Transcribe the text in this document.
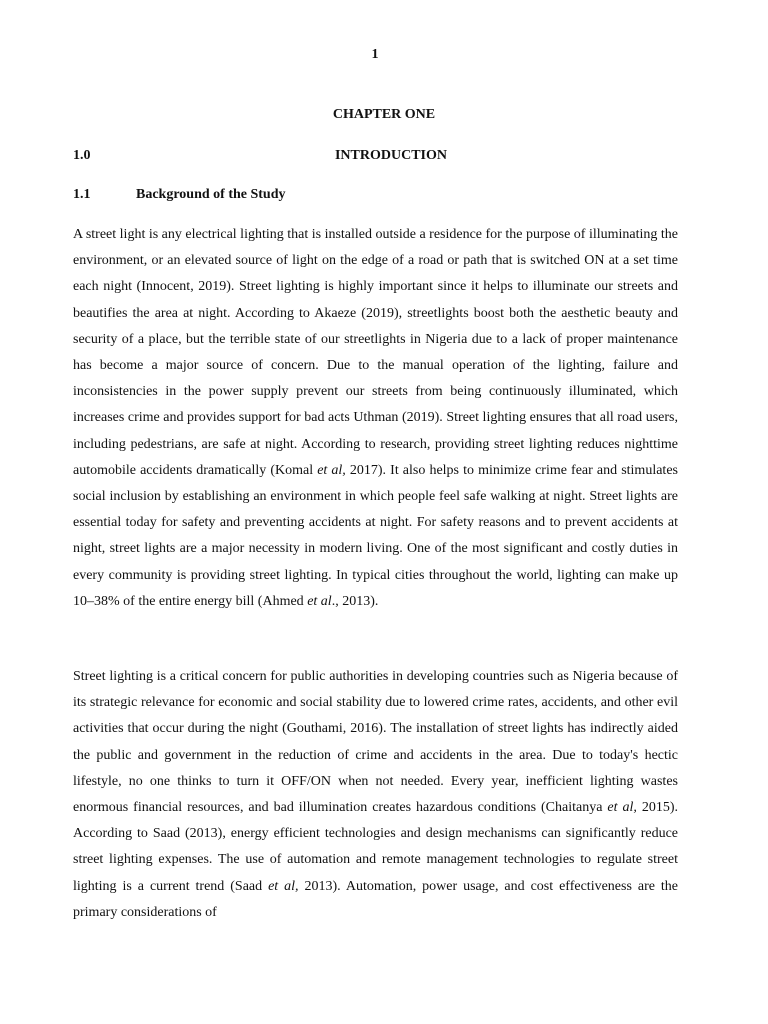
1
CHAPTER ONE
1.0	INTRODUCTION
1.1	Background of the Study

A street light is any electrical lighting that is installed outside a residence for the purpose of illuminating the environment, or an elevated source of light on the edge of a road or path that is switched ON at a set time each night (Innocent, 2019). Street lighting is highly important since it helps to illuminate our streets and beautifies the area at night. According to Akaeze (2019), streetlights boost both the aesthetic beauty and security of a place, but the terrible state of our streetlights in Nigeria due to a lack of proper maintenance has become a major source of concern. Due to the manual operation of the lighting, failure and inconsistencies in the power supply prevent our streets from being continuously illuminated, which increases crime and provides support for bad acts Uthman (2019). Street lighting ensures that all road users, including pedestrians, are safe at night. According to research, providing street lighting reduces nighttime automobile accidents dramatically (Komal et al, 2017). It also helps to minimize crime fear and stimulates social inclusion by establishing an environment in which people feel safe walking at night. Street lights are essential today for safety and preventing accidents at night. For safety reasons and to prevent accidents at night, street lights are a major necessity in modern living. One of the most significant and costly duties in every community is providing street lighting. In typical cities throughout the world, lighting can make up 10–38% of the entire energy bill (Ahmed et al., 2013).

Street lighting is a critical concern for public authorities in developing countries such as Nigeria because of its strategic relevance for economic and social stability due to lowered crime rates, accidents, and other evil activities that occur during the night (Gouthami, 2016). The installation of street lights has indirectly aided the public and government in the reduction of crime and accidents in the area. Due to today's hectic lifestyle, no one thinks to turn it OFF/ON when not needed. Every year, inefficient lighting wastes enormous financial resources, and bad illumination creates hazardous conditions (Chaitanya et al, 2015). According to Saad (2013), energy efficient technologies and design mechanisms can significantly reduce street lighting expenses. The use of automation and remote management technologies to regulate street lighting is a current trend (Saad et al, 2013). Automation, power usage, and cost effectiveness are the primary considerations of
